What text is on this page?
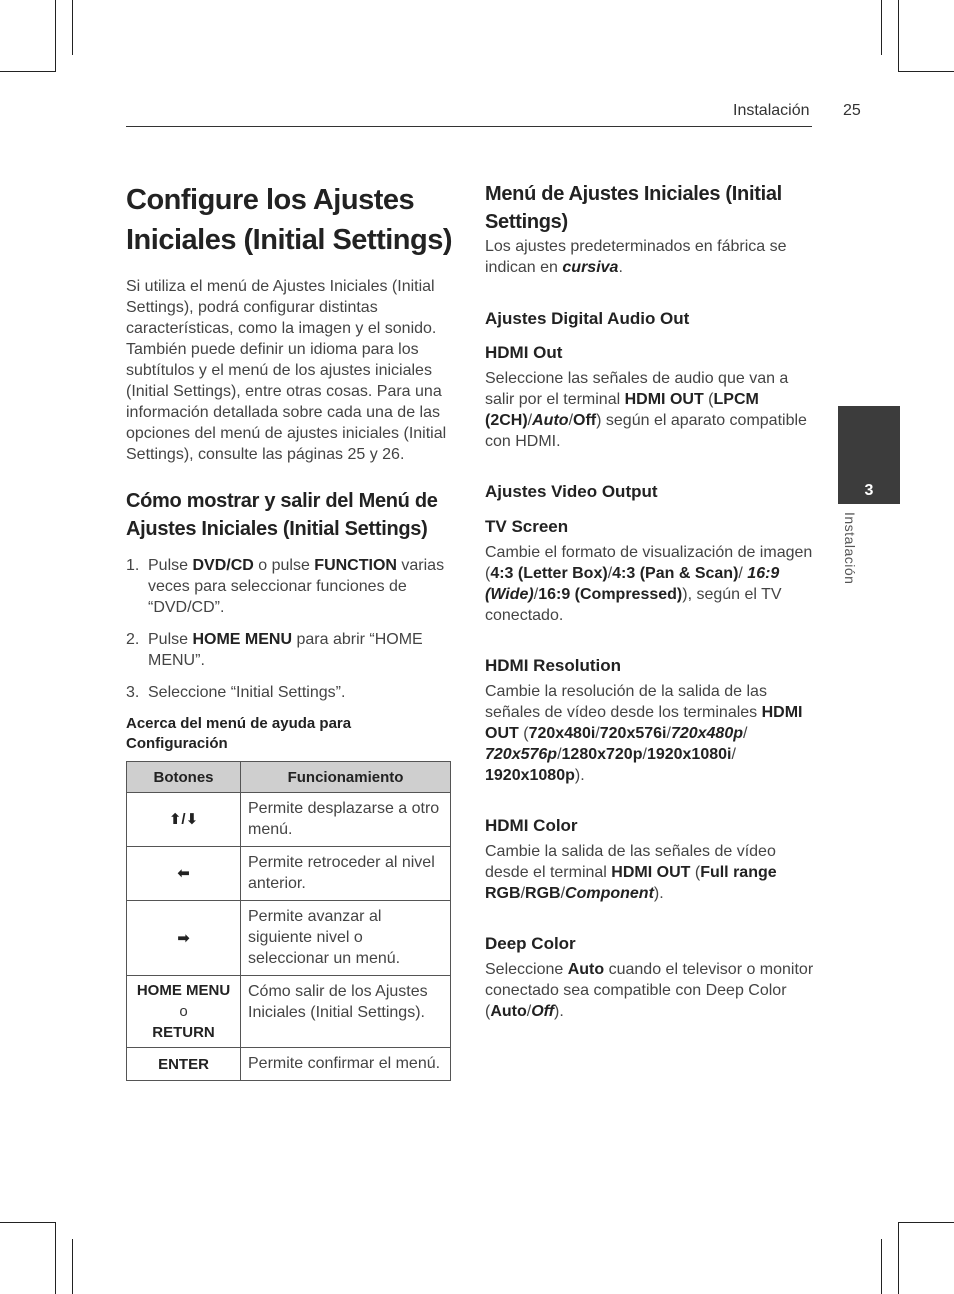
Instalación 25
3
Instalación
Configure los Ajustes
Iniciales (Initial Settings)

Si utiliza el menú de Ajustes Iniciales (Initial Settings), podrá configurar distintas características, como la imagen y el sonido.

También puede definir un idioma para los subtítulos y el menú de los ajustes iniciales (Initial Settings), entre otras cosas. Para una información detallada sobre cada una de las opciones del menú de ajustes iniciales (Initial Settings), consulte las páginas 25 y 26.

Cómo mostrar y salir del Menú de Ajustes Iniciales (Initial Settings)
1. Pulse DVD/CD o pulse FUNCTION varias veces para seleccionar funciones de “DVD/CD”.
2. Pulse HOME MENU para abrir “HOME MENU”.
3. Seleccione “Initial Settings”.
Acerca del menú de ayuda para Configuración
Botones	Funcionamiento
⬆/⬇	Permite desplazarse a otro menú.
⬅	Permite retroceder al nivel anterior.
➡	Permite avanzar al siguiente nivel o seleccionar un menú.
HOME MENU
o
RETURN	Cómo salir de los Ajustes Iniciales (Initial Settings).
ENTER	Permite confirmar el menú.
Menú de Ajustes Iniciales (Initial Settings)

Los ajustes predeterminados en fábrica se indican en cursiva.

Ajustes Digital Audio Out
HDMI Out

Seleccione las señales de audio que van a salir por el terminal HDMI OUT (LPCM (2CH)/Auto/Off) según el aparato compatible con HDMI.

Ajustes Video Output
TV Screen

Cambie el formato de visualización de imagen (4:3 (Letter Box)/4:3 (Pan & Scan)/ 16:9 (Wide)/16:9 (Compressed)), según el TV conectado.

HDMI Resolution

Cambie la resolución de la salida de las señales de vídeo desde los terminales HDMI OUT (720x480i/720x576i/720x480p/ 720x576p/1280x720p/1920x1080i/ 1920x1080p).

HDMI Color

Cambie la salida de las señales de vídeo desde el terminal HDMI OUT (Full range RGB/RGB/Component).

Deep Color

Seleccione Auto cuando el televisor o monitor conectado sea compatible con Deep Color (Auto/Off).
